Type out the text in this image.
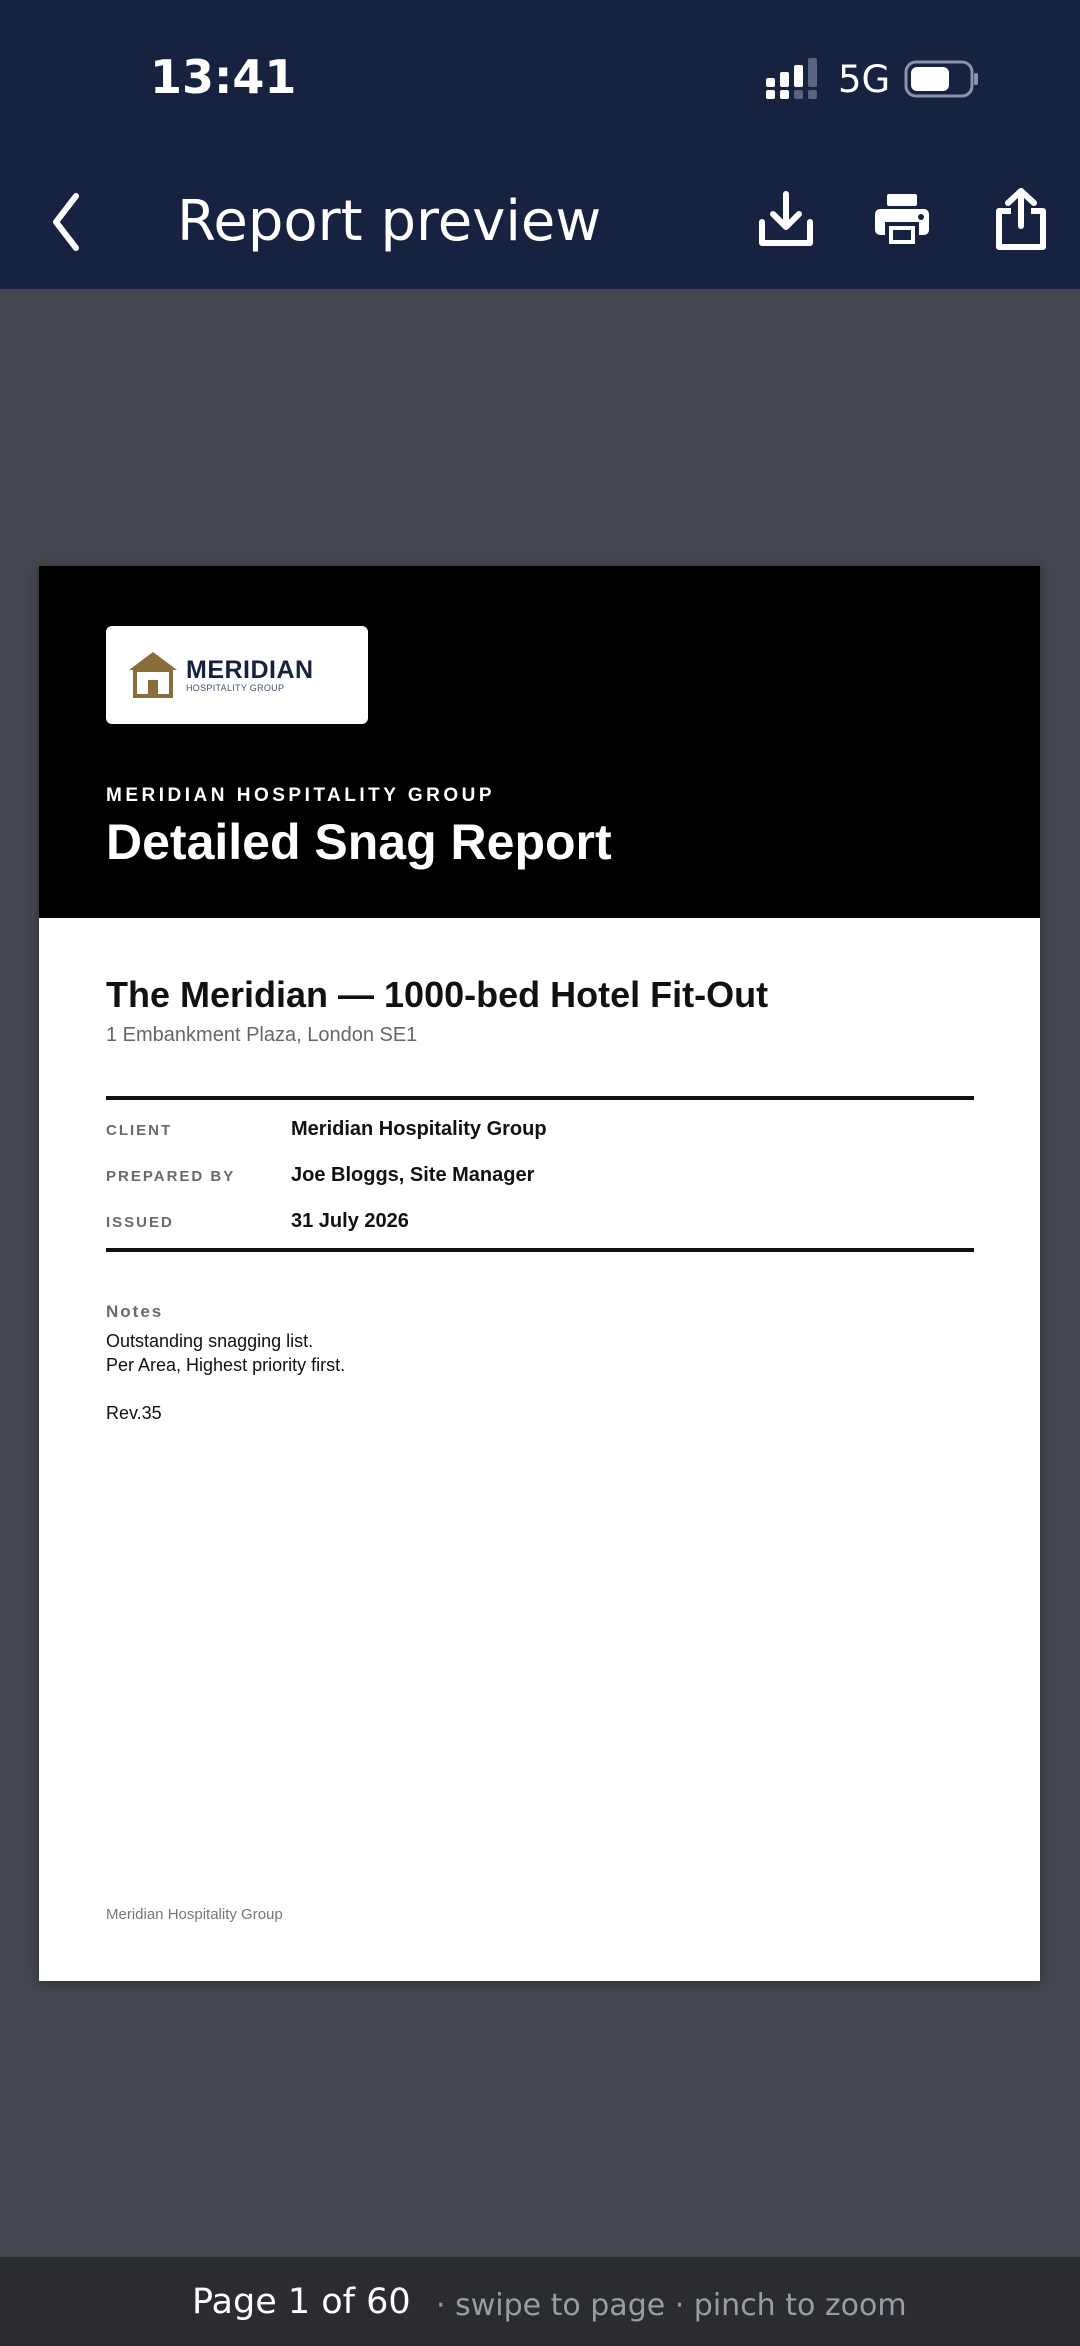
13:41	5G
Report preview
MERIDIAN
HOSPITALITY GROUP
MERIDIAN HOSPITALITY GROUP
Detailed Snag Report
The Meridian — 1000-bed Hotel Fit-Out
1 Embankment Plaza, London SE1
CLIENT	Meridian Hospitality Group
PREPARED BY	Joe Bloggs, Site Manager
ISSUED	31 July 2026
Notes
Outstanding snagging list.
Per Area, Highest priority first.
Rev.35
Meridian Hospitality Group
Page 1 of 60 · swipe to page · pinch to zoom
